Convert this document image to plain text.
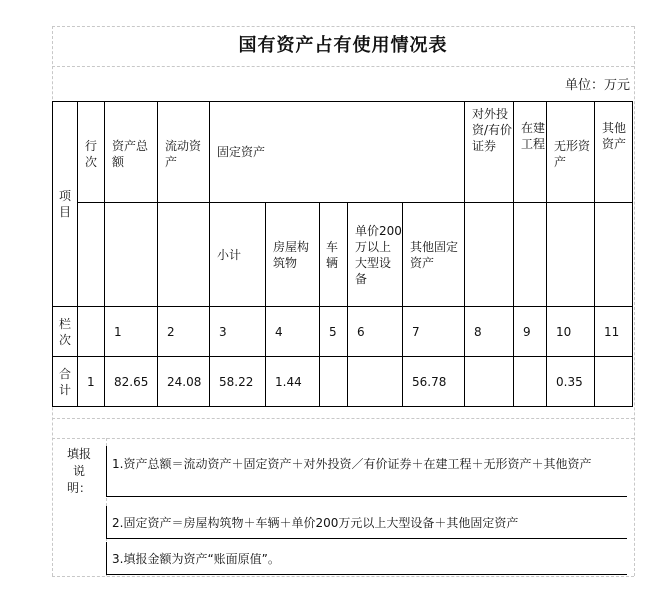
国有资产占有使用情况表
单位：万元
项目	行次	资产总额	流动资产	固定资产					对外投资/有价证券	在建工程	无形资产	其他资产
				小计	房屋构筑物	车辆	单价200万以上大型设备	其他固定资产				
栏次		1	2	3	4	5	6	7	8	9	10	11
合计	1	82.65	24.08	58.22	1.44			56.78			0.35	
填报说明：
1.资产总额＝流动资产＋固定资产＋对外投资／有价证券＋在建工程＋无形资产＋其他资产
2.固定资产＝房屋构筑物＋车辆＋单价200万元以上大型设备＋其他固定资产
3.填报金额为资产“账面原值”。
